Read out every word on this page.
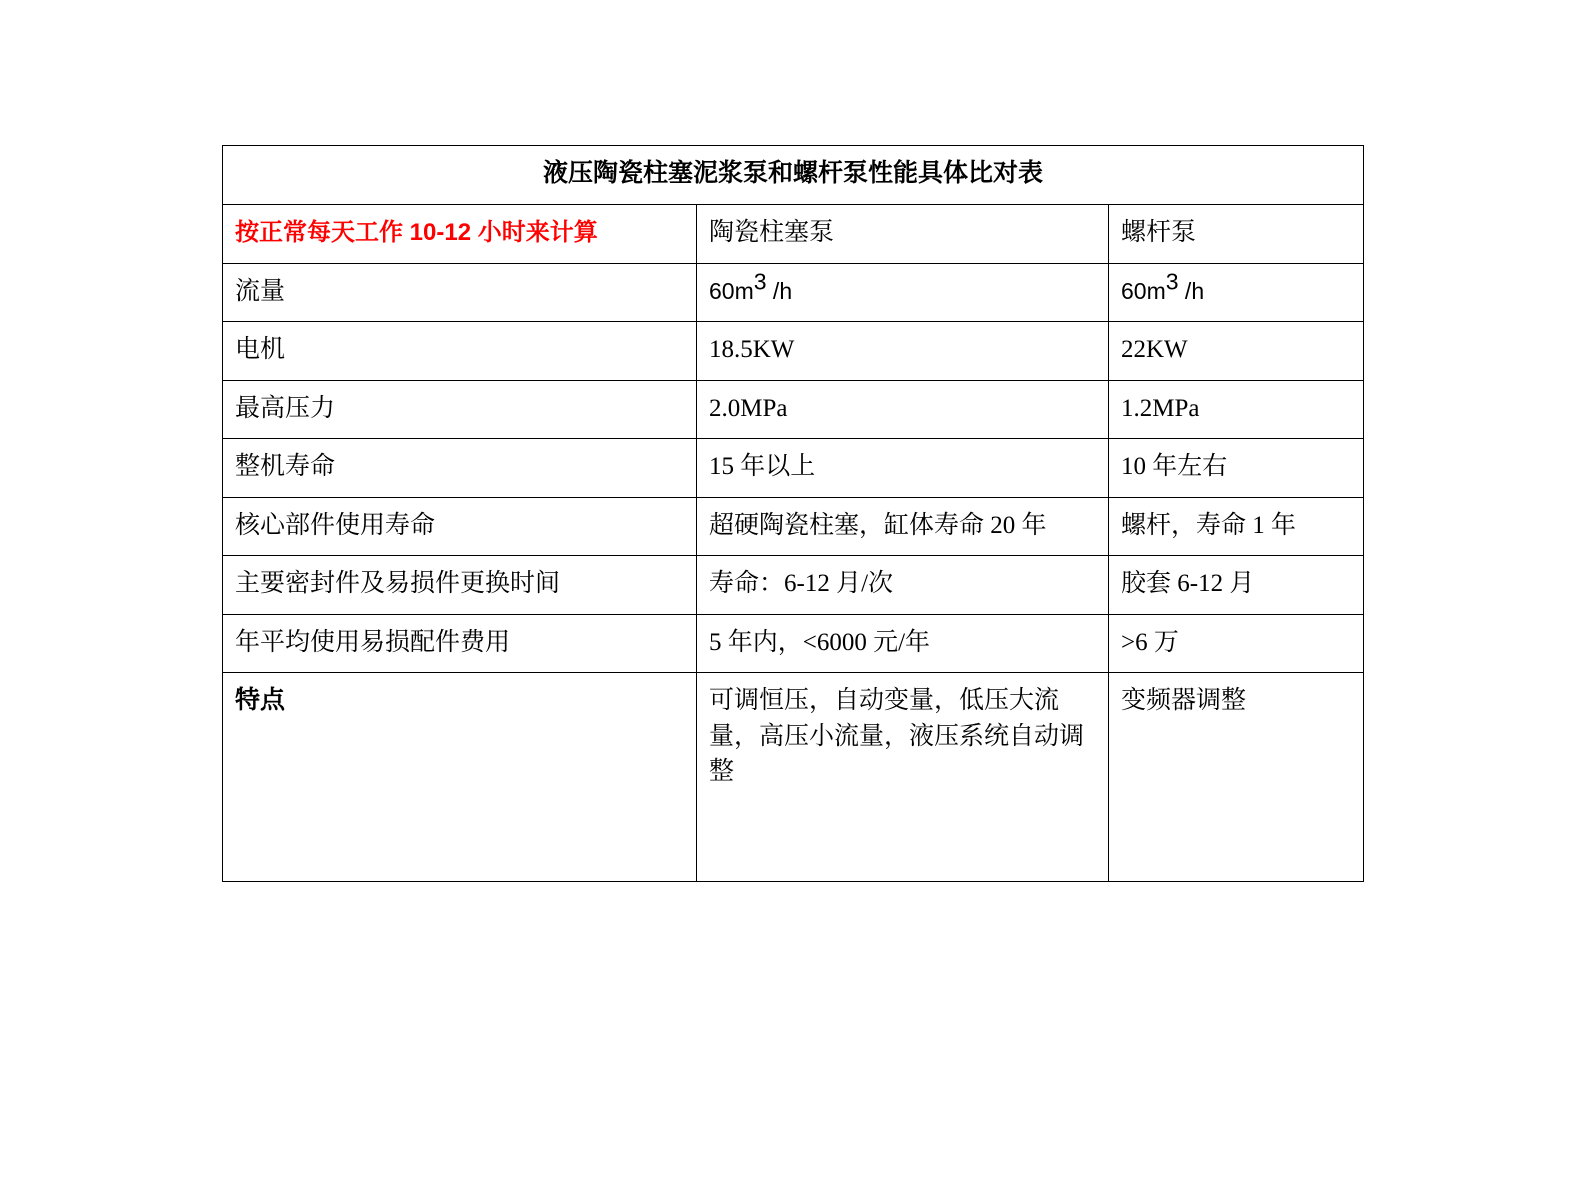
液压陶瓷柱塞泥浆泵和螺杆泵性能具体比对表		
按正常每天工作 10-12 小时来计算	陶瓷柱塞泵	螺杆泵
流量	$60m^3$ /h	$60m^3$ /h
电机	18.5KW	22KW
最高压力	2.0MPa	1.2MPa
整机寿命	15 年以上	10 年左右
核心部件使用寿命	超硬陶瓷柱塞，缸体寿命 20 年	螺杆，寿命 1 年
主要密封件及易损件更换时间	寿命：6-12 月/次	胶套 6-12 月
年平均使用易损配件费用	5 年内，<6000 元/年	>6 万
特点	可调恒压，自动变量，低压大流量，高压小流量，液压系统自动调整	变频器调整
